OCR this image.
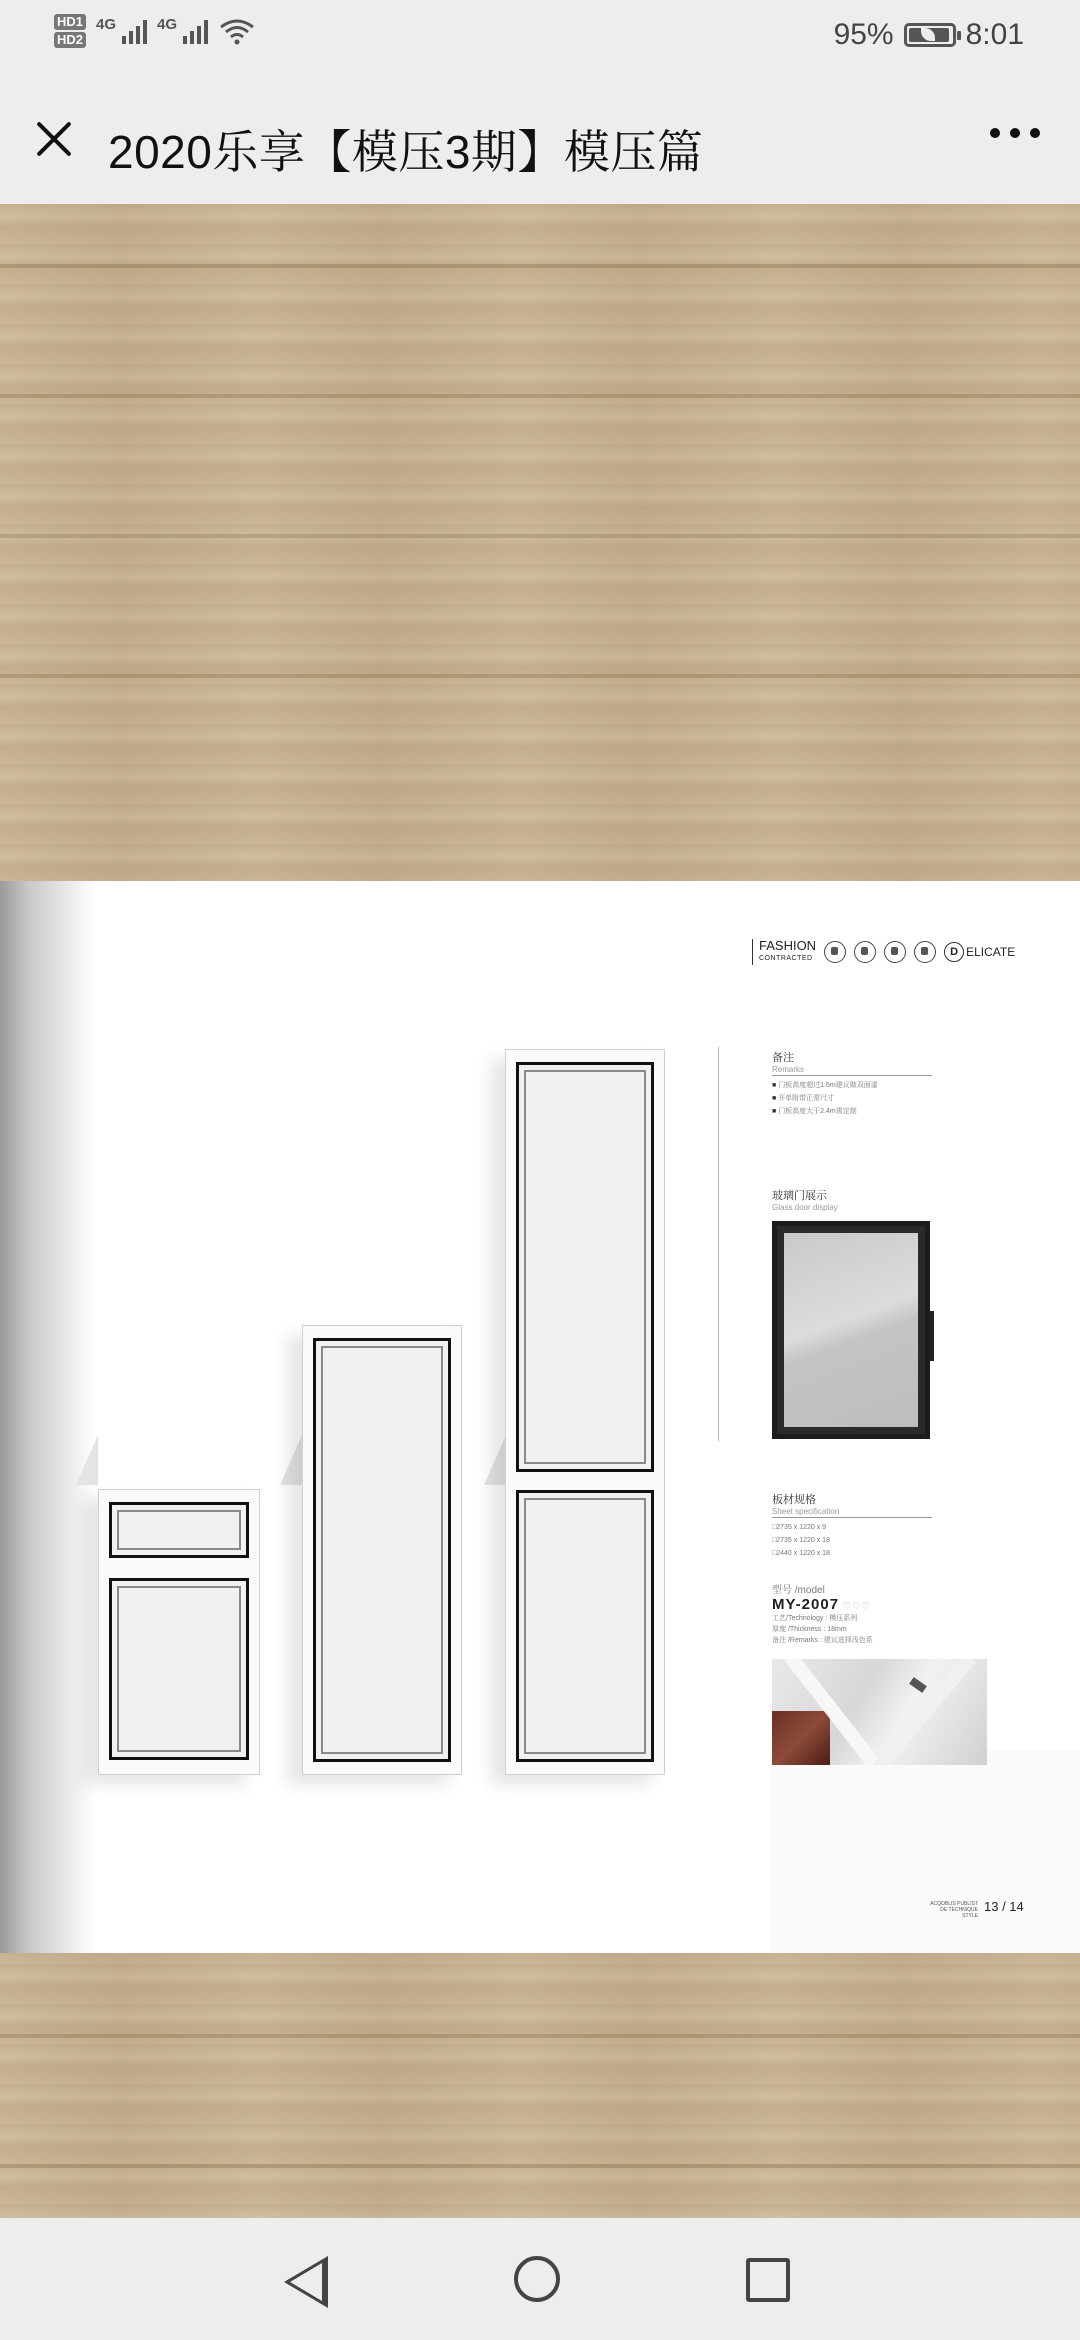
HD1
HD2
4G	4G	95% 8:01
2020乐享【模压3期】模压篇
FASHION
CONTRACTED
D ELICATE
备注
Remarks
■ 门板高度超过1.6m建议做双面漆
■ 开单附带正常尺寸
■ 门板高度大于2.4m需定制
玻璃门展示
Glass door display
板材规格
Sheet specification
□2735 x 1220 x 9
□2735 x 1220 x 18
□2440 x 1220 x 18
型号 /model
MY-2007 ♡♡♡
工艺/Technology : 模压系列
厚度 /Thickness : 18mm
备注 /Remarks : 建议选择浅色系
ACQOBLIS PUBLIST DE TECHNIQUE STYLE
13 / 14
